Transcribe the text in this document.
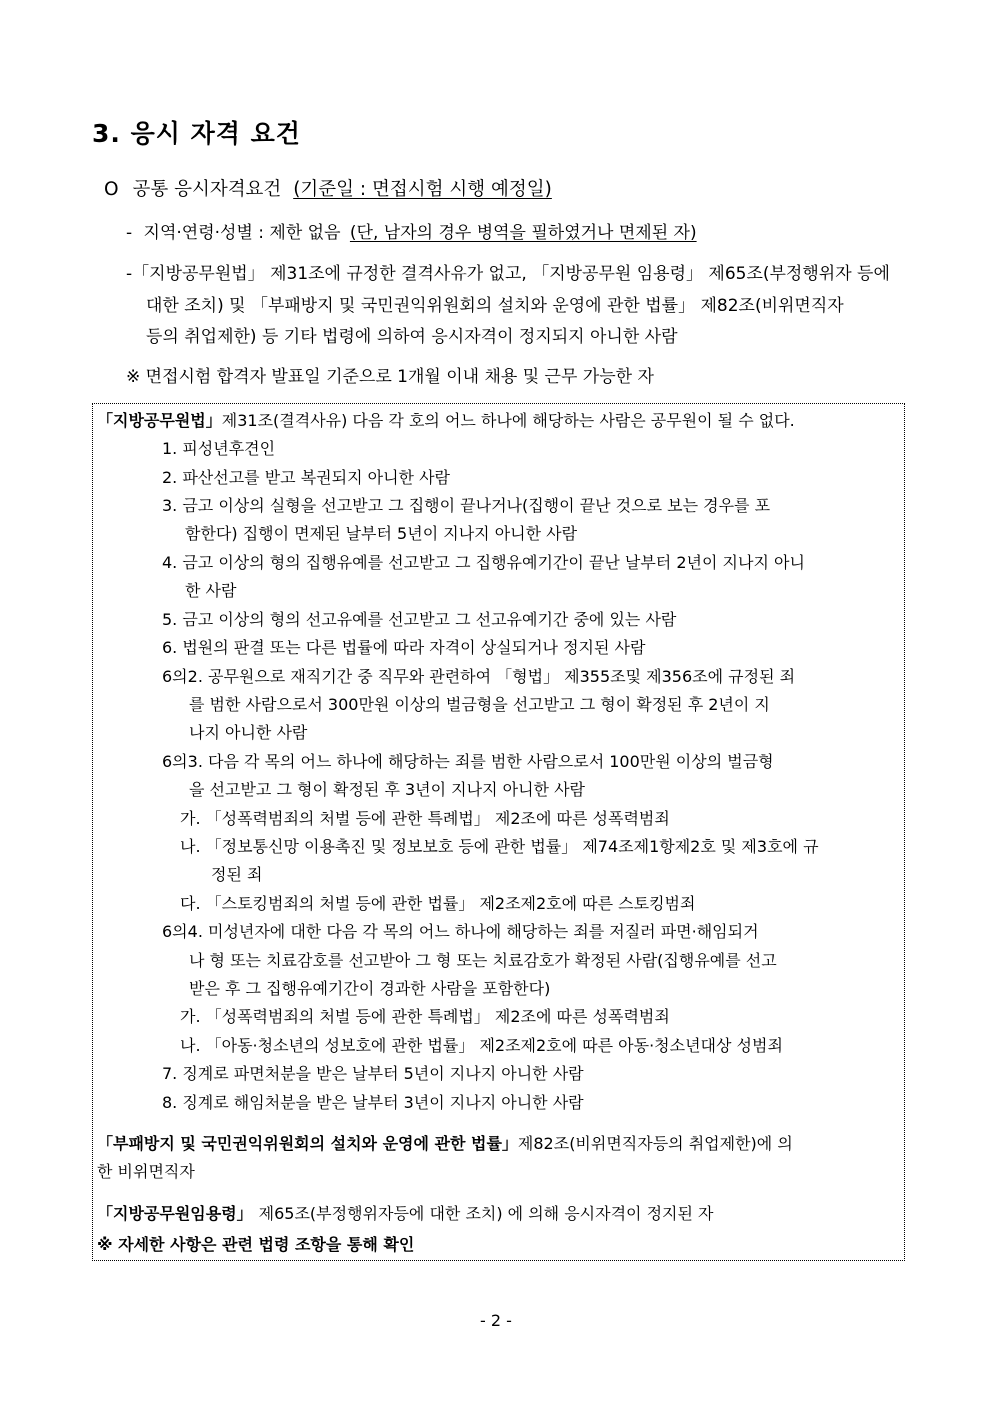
3. 응시 자격 요건
O 공통 응시자격요건 (기준일 : 면접시험 시행 예정일)
- 지역·연령·성별 : 제한 없음 (단, 남자의 경우 병역을 필하였거나 면제된 자)
-「지방공무원법」 제31조에 규정한 결격사유가 없고, 「지방공무원 임용령」 제65조(부정행위자 등에
대한 조치) 및 「부패방지 및 국민권익위원회의 설치와 운영에 관한 법률」 제82조(비위면직자
등의 취업제한) 등 기타 법령에 의하여 응시자격이 정지되지 아니한 사람
※ 면접시험 합격자 발표일 기준으로 1개월 이내 채용 및 근무 가능한 자
「지방공무원법」제31조(결격사유) 다음 각 호의 어느 하나에 해당하는 사람은 공무원이 될 수 없다.
1. 피성년후견인
2. 파산선고를 받고 복권되지 아니한 사람
3. 금고 이상의 실형을 선고받고 그 집행이 끝나거나(집행이 끝난 것으로 보는 경우를 포
함한다) 집행이 면제된 날부터 5년이 지나지 아니한 사람
4. 금고 이상의 형의 집행유예를 선고받고 그 집행유예기간이 끝난 날부터 2년이 지나지 아니
한 사람
5. 금고 이상의 형의 선고유예를 선고받고 그 선고유예기간 중에 있는 사람
6. 법원의 판결 또는 다른 법률에 따라 자격이 상실되거나 정지된 사람
6의2. 공무원으로 재직기간 중 직무와 관련하여 「형법」 제355조및 제356조에 규정된 죄
를 범한 사람으로서 300만원 이상의 벌금형을 선고받고 그 형이 확정된 후 2년이 지
나지 아니한 사람
6의3. 다음 각 목의 어느 하나에 해당하는 죄를 범한 사람으로서 100만원 이상의 벌금형
을 선고받고 그 형이 확정된 후 3년이 지나지 아니한 사람
가. 「성폭력범죄의 처벌 등에 관한 특례법」 제2조에 따른 성폭력범죄
나. 「정보통신망 이용촉진 및 정보보호 등에 관한 법률」 제74조제1항제2호 및 제3호에 규
정된 죄
다. 「스토킹범죄의 처벌 등에 관한 법률」 제2조제2호에 따른 스토킹범죄
6의4. 미성년자에 대한 다음 각 목의 어느 하나에 해당하는 죄를 저질러 파면·해임되거
나 형 또는 치료감호를 선고받아 그 형 또는 치료감호가 확정된 사람(집행유예를 선고
받은 후 그 집행유예기간이 경과한 사람을 포함한다)
가. 「성폭력범죄의 처벌 등에 관한 특례법」 제2조에 따른 성폭력범죄
나. 「아동·청소년의 성보호에 관한 법률」 제2조제2호에 따른 아동·청소년대상 성범죄
7. 징계로 파면처분을 받은 날부터 5년이 지나지 아니한 사람
8. 징계로 해임처분을 받은 날부터 3년이 지나지 아니한 사람
「부패방지 및 국민권익위원회의 설치와 운영에 관한 법률」제82조(비위면직자등의 취업제한)에 의
한 비위면직자
「지방공무원임용령」 제65조(부정행위자등에 대한 조치) 에 의해 응시자격이 정지된 자
※ 자세한 사항은 관련 법령 조항을 통해 확인
- 2 -
